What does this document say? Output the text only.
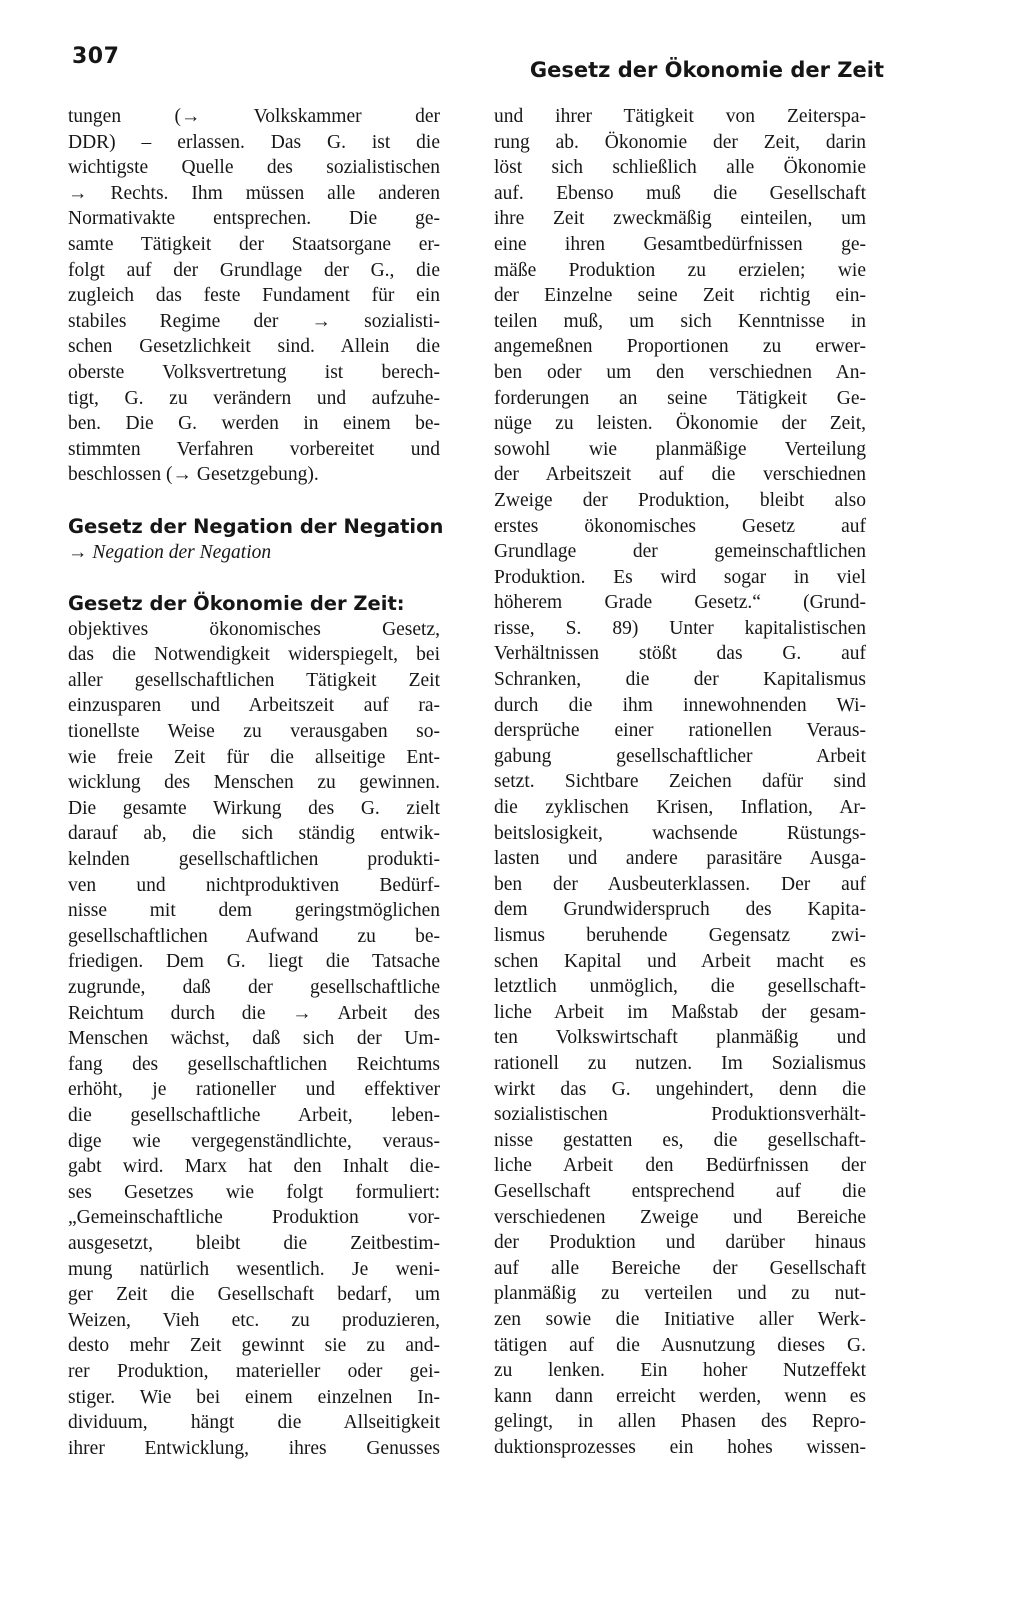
307
Gesetz der Ökonomie der Zeit
tungen (→ Volkskammer der
DDR) – erlassen. Das G. ist die
wichtigste Quelle des sozialistischen
→ Rechts. Ihm müssen alle anderen
Normativakte entsprechen. Die ge-
samte Tätigkeit der Staatsorgane er-
folgt auf der Grundlage der G., die
zugleich das feste Fundament für ein
stabiles Regime der → sozialisti-
schen Gesetzlichkeit sind. Allein die
oberste Volksvertretung ist berech-
tigt, G. zu verändern und aufzuhe-
ben. Die G. werden in einem be-
stimmten Verfahren vorbereitet und
beschlossen (→ Gesetzgebung).
Gesetz der Negation der Negation
→ Negation der Negation
Gesetz der Ökonomie der Zeit:
objektives ökonomisches Gesetz,
das die Notwendigkeit widerspiegelt, bei
aller gesellschaftlichen Tätigkeit Zeit
einzusparen und Arbeitszeit auf ra-
tionellste Weise zu verausgaben so-
wie freie Zeit für die allseitige Ent-
wicklung des Menschen zu gewinnen.
Die gesamte Wirkung des G. zielt
darauf ab, die sich ständig entwik-
kelnden gesellschaftlichen produkti-
ven und nichtproduktiven Bedürf-
nisse mit dem geringstmöglichen
gesellschaftlichen Aufwand zu be-
friedigen. Dem G. liegt die Tatsache
zugrunde, daß der gesellschaftliche
Reichtum durch die → Arbeit des
Menschen wächst, daß sich der Um-
fang des gesellschaftlichen Reichtums
erhöht, je rationeller und effektiver
die gesellschaftliche Arbeit, leben-
dige wie vergegenständlichte, veraus-
gabt wird. Marx hat den Inhalt die-
ses Gesetzes wie folgt formuliert:
„Gemeinschaftliche Produktion vor-
ausgesetzt, bleibt die Zeitbestim-
mung natürlich wesentlich. Je weni-
ger Zeit die Gesellschaft bedarf, um
Weizen, Vieh etc. zu produzieren,
desto mehr Zeit gewinnt sie zu and-
rer Produktion, materieller oder gei-
stiger. Wie bei einem einzelnen In-
dividuum, hängt die Allseitigkeit
ihrer Entwicklung, ihres Genusses
und ihrer Tätigkeit von Zeiterspa-
rung ab. Ökonomie der Zeit, darin
löst sich schließlich alle Ökonomie
auf. Ebenso muß die Gesellschaft
ihre Zeit zweckmäßig einteilen, um
eine ihren Gesamtbedürfnissen ge-
mäße Produktion zu erzielen; wie
der Einzelne seine Zeit richtig ein-
teilen muß, um sich Kenntnisse in
angemeßnen Proportionen zu erwer-
ben oder um den verschiednen An-
forderungen an seine Tätigkeit Ge-
nüge zu leisten. Ökonomie der Zeit,
sowohl wie planmäßige Verteilung
der Arbeitszeit auf die verschiednen
Zweige der Produktion, bleibt also
erstes ökonomisches Gesetz auf
Grundlage der gemeinschaftlichen
Produktion. Es wird sogar in viel
höherem Grade Gesetz.“ (Grund-
risse, S. 89) Unter kapitalistischen
Verhältnissen stößt das G. auf
Schranken, die der Kapitalismus
durch die ihm innewohnenden Wi-
dersprüche einer rationellen Veraus-
gabung gesellschaftlicher Arbeit
setzt. Sichtbare Zeichen dafür sind
die zyklischen Krisen, Inflation, Ar-
beitslosigkeit, wachsende Rüstungs-
lasten und andere parasitäre Ausga-
ben der Ausbeuterklassen. Der auf
dem Grundwiderspruch des Kapita-
lismus beruhende Gegensatz zwi-
schen Kapital und Arbeit macht es
letztlich unmöglich, die gesellschaft-
liche Arbeit im Maßstab der gesam-
ten Volkswirtschaft planmäßig und
rationell zu nutzen. Im Sozialismus
wirkt das G. ungehindert, denn die
sozialistischen Produktionsverhält-
nisse gestatten es, die gesellschaft-
liche Arbeit den Bedürfnissen der
Gesellschaft entsprechend auf die
verschiedenen Zweige und Bereiche
der Produktion und darüber hinaus
auf alle Bereiche der Gesellschaft
planmäßig zu verteilen und zu nut-
zen sowie die Initiative aller Werk-
tätigen auf die Ausnutzung dieses G.
zu lenken. Ein hoher Nutzeffekt
kann dann erreicht werden, wenn es
gelingt, in allen Phasen des Repro-
duktionsprozesses ein hohes wissen-
